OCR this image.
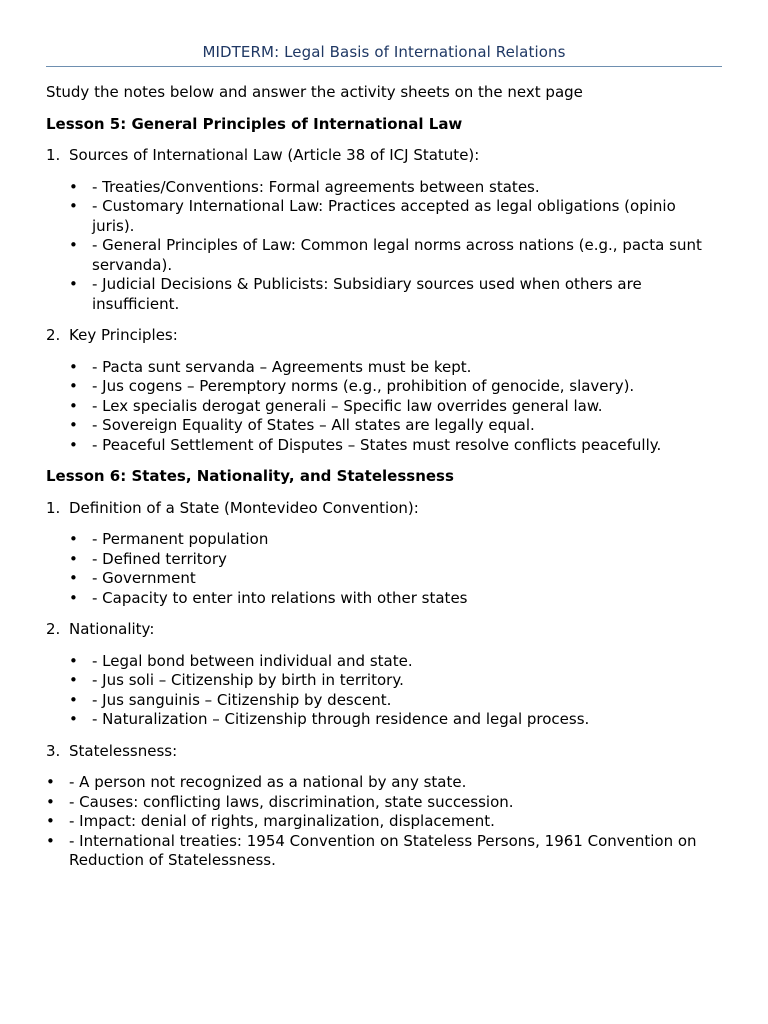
MIDTERM: Legal Basis of International Relations

Study the notes below and answer the activity sheets on the next page

Lesson 5: General Principles of International Law

1. Sources of International Law (Article 38 of ICJ Statute):
• - Treaties/Conventions: Formal agreements between states.
• - Customary International Law: Practices accepted as legal obligations (opinio juris).
• - General Principles of Law: Common legal norms across nations (e.g., pacta sunt servanda).
• - Judicial Decisions & Publicists: Subsidiary sources used when others are insufficient.
2. Key Principles:
• - Pacta sunt servanda – Agreements must be kept.
• - Jus cogens – Peremptory norms (e.g., prohibition of genocide, slavery).
• - Lex specialis derogat generali – Specific law overrides general law.
• - Sovereign Equality of States – All states are legally equal.
• - Peaceful Settlement of Disputes – States must resolve conflicts peacefully.

Lesson 6: States, Nationality, and Statelessness

1. Definition of a State (Montevideo Convention):
• - Permanent population
• - Defined territory
• - Government
• - Capacity to enter into relations with other states
2. Nationality:
• - Legal bond between individual and state.
• - Jus soli – Citizenship by birth in territory.
• - Jus sanguinis – Citizenship by descent.
• - Naturalization – Citizenship through residence and legal process.
3. Statelessness:
• - A person not recognized as a national by any state.
• - Causes: conflicting laws, discrimination, state succession.
• - Impact: denial of rights, marginalization, displacement.
• - International treaties: 1954 Convention on Stateless Persons, 1961 Convention on Reduction of Statelessness.
